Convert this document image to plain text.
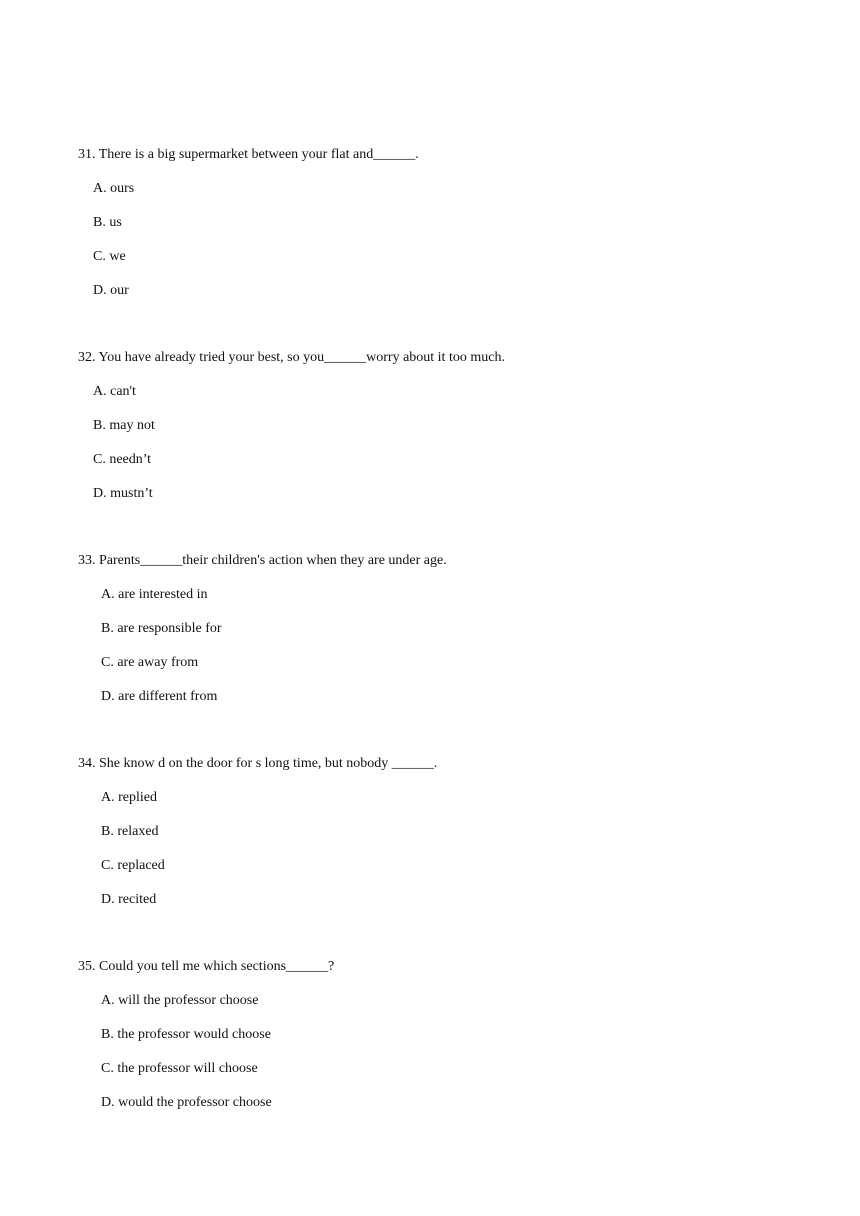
31. There is a big supermarket between your flat and______.
A. ours
B. us
C. we
D. our
32. You have already tried your best, so you______worry about it too much.
A. can't
B. may not
C. needn’t
D. mustn’t
33. Parents______their children's action when they are under age.
A. are interested in
B. are responsible for
C. are away from
D. are different from
34. She know d on the door for s long time, but nobody ______.
A. replied
B. relaxed
C. replaced
D. recited
35. Could you tell me which sections______?
A. will the professor choose
B. the professor would choose
C. the professor will choose
D. would the professor choose
